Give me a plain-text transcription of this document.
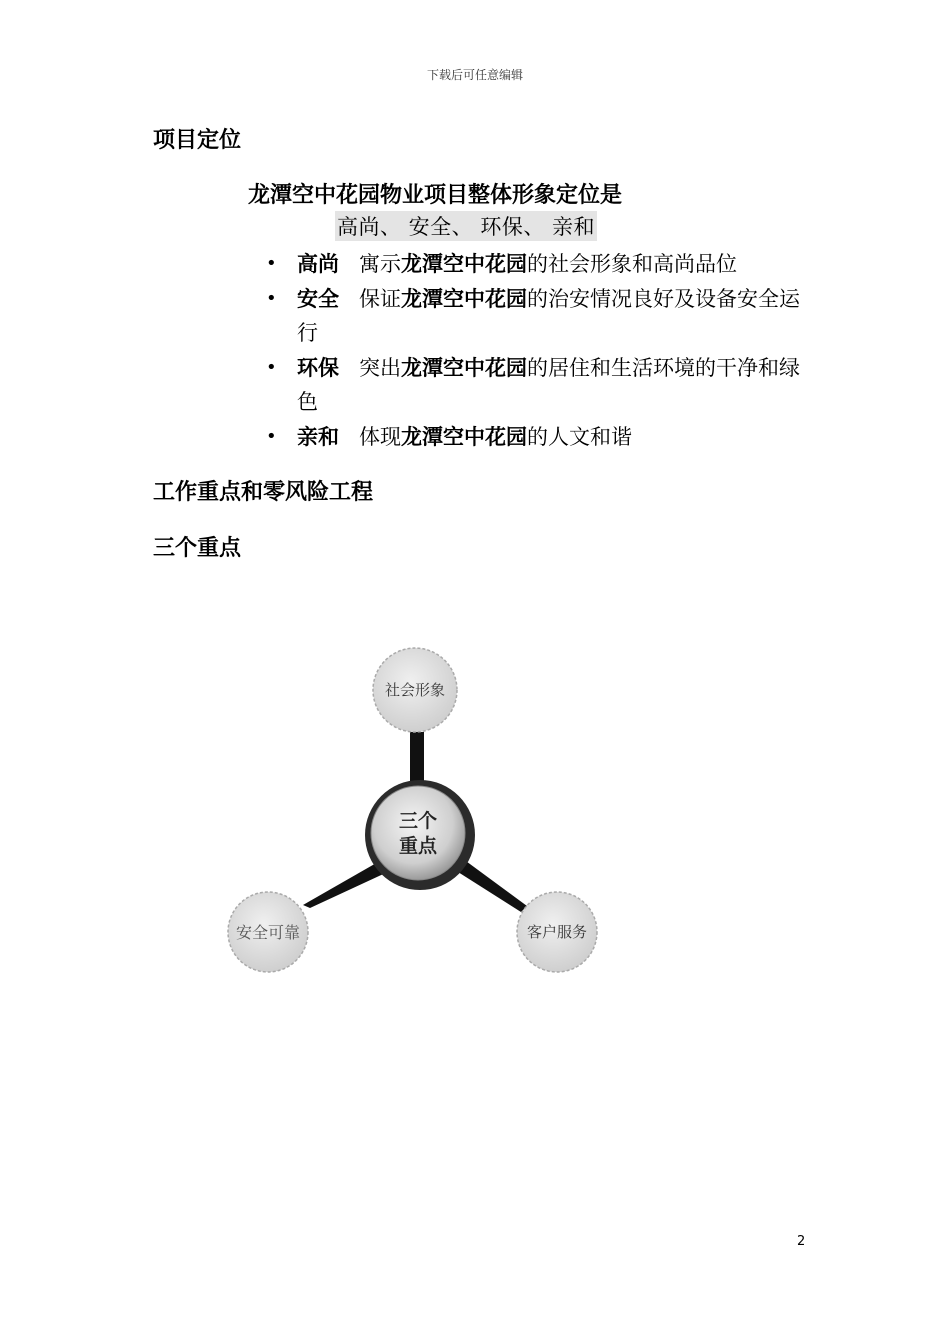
下载后可任意编辑
项目定位
龙潭空中花园物业项目整体形象定位是
高尚、 安全、 环保、 亲和
• 高尚 寓示龙潭空中花园的社会形象和高尚品位
• 安全 保证龙潭空中花园的治安情况良好及设备安全运行
• 环保 突出龙潭空中花园的居住和生活环境的干净和绿色
• 亲和 体现龙潭空中花园的人文和谐
工作重点和零风险工程
三个重点
三个
重点
社会形象
安全可靠	客户服务
2
